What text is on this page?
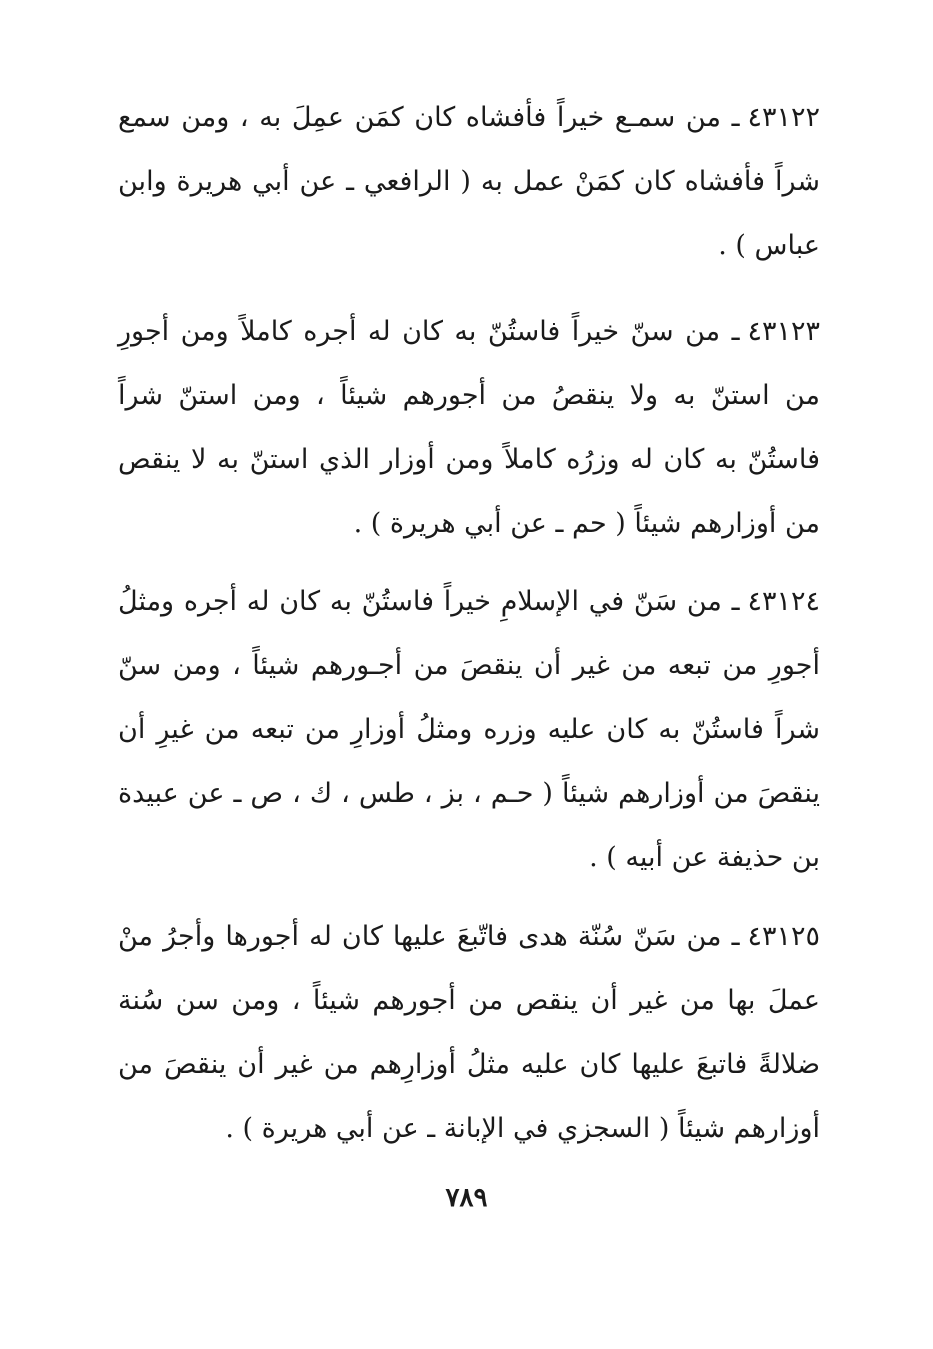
٤٣١٢٢ـ من سمـع خيراً فأفشاه كان كمَن عمِلَ به ، ومن سمع شراً فأفشاه كان كمَنْ عمل به ( الرافعي ـ عن أبي هريرة وابن عباس ) .

٤٣١٢٣ـ من سنّ خيراً فاستُنّ به كان له أجره كاملاً ومن أجورِ من استنّ به ولا ينقصُ من أجورهم شيئاً ، ومن استنّ شراً فاستُنّ به كان له وزرُه كاملاً ومن أوزار الذي استنّ به لا ينقص من أوزارهم شيئاً ( حم ـ عن أبي هريرة ) .

٤٣١٢٤ـ من سَنّ في الإسلامِ خيراً فاستُنّ به كان له أجره ومثلُ أجورِ من تبعه من غير أن ينقصَ من أجـورهم شيئاً ، ومن سنّ شراً فاستُنّ به كان عليه وزره ومثلُ أوزارِ من تبعه من غيرِ أن ينقصَ من أوزارهم شيئاً ( حـم ، بز ، طس ، ك ، ص ـ عن عبيدة بن حذيفة عن أبيه ) .

٤٣١٢٥ـ من سَنّ سُنّة هدى فاتّبعَ عليها كان له أجورها وأجرُ منْ عملَ بها من غير أن ينقص من أجورهم شيئاً ، ومن سن سُنة ضلالةً فاتبعَ عليها كان عليه مثلُ أوزارِهم من غير أن ينقصَ من أوزارهم شيئاً ( السجزي في الإبانة ـ عن أبي هريرة ) .

٧٨٩
